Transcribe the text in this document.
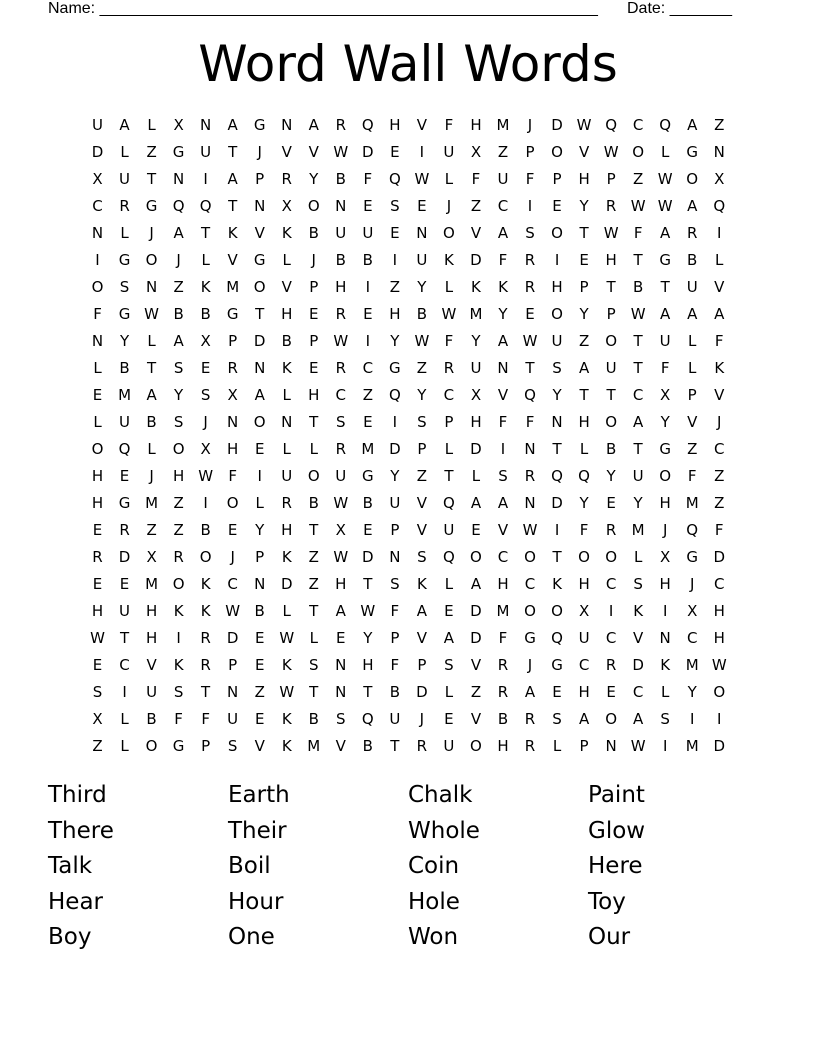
Name: ________________________________________________________ Date: _______
Word Wall Words
U	A	L	X	N	A	G	N	A	R	Q	H	V	F	H M	J	D W Q	C	Q	A	Z
D	L	Z	G	U	T	J	V	V W D	E	I	U	X	Z	P	O	V W O	L	G	N
X	U	T	N	I	A	P	R	Y	B	F	Q W	L	F	U	F	P	H	P	Z W O	X
C	R	G	Q	Q	T	N	X	O	N	E	S	E	J	Z	C	I	E	Y	R W W A	Q
N	L	J	A	T	K	V	K	B	U	U	E	N	O	V	A	S	O	T	W	F	A	R	I
I	G	O	J	L	V	G	L	J	B	B	I	U	K	D	F	R	I	E	H	T	G	B	L
O	S	N	Z	K	M O	V	P	H	I	Z	Y	L	K	K	R	H	P	T	B	T	U	V
F	G W B	B	G	T	H	E	R	E	H	B W M	Y	E	O	Y	P	W A	A	A
N	Y	L	A	X	P	D	B	P	W	I	Y	W	F	Y	A W U	Z	O	T	U	L	F
L	B	T	S	E	R	N	K	E	R	C	G	Z	R	U	N	T	S	A	U	T	F	L	K
E	M	A	Y	S	X	A	L	H	C	Z	Q	Y	C	X	V	Q	Y	T	T	C	X	P	V
L	U	B	S	J	N	O	N	T	S	E	I	S	P	H	F	F	N	H	O	A	Y	V	J
O	Q	L	O	X	H	E	L	L	R	M D	P	L	D	I	N	T	L	B	T	G	Z	C
H	E	J	H W	F	I	U	O	U	G	Y	Z	T	L	S	R	Q	Q	Y	U	O	F	Z
H	G M	Z	I	O	L	R	B W B	U	V	Q	A	A	N	D	Y	E	Y	H M	Z
E	R	Z	Z	B	E	Y	H	T	X	E	P	V	U	E	V W	I	F	R	M	J	Q	F
R	D	X	R	O	J	P	K	Z W D	N	S	Q	O	C	O	T	O	O	L	X	G	D
E	E	M O	K	C	N	D	Z	H	T	S	K	L	A	H	C	K	H	C	S	H	J	C
H	U	H	K	K W B	L	T	A W	F	A	E	D M O	O	X	I	K	I	X	H
W	T	H	I	R	D	E W	L	E	Y	P	V	A	D	F	G	Q	U	C	V	N	C	H
E	C	V	K	R	P	E	K	S	N	H	F	P	S	V	R	J	G	C	R	D	K	M W
S	I	U	S	T	N	Z W	T	N	T	B	D	L	Z	R	A	E	H	E	C	L	Y	O
X	L	B	F	F	U	E	K	B	S	Q	U	J	E	V	B	R	S	A	O	A	S	I	I
Z	L	O	G	P	S	V	K	M	V	B	T	R	U	O	H	R	L	P	N W	I	M D
Third	Earth	Chalk	Paint
There	Their	Whole	Glow
Talk	Boil	Coin	Here
Hear	Hour	Hole	Toy
Boy	One	Won	Our
